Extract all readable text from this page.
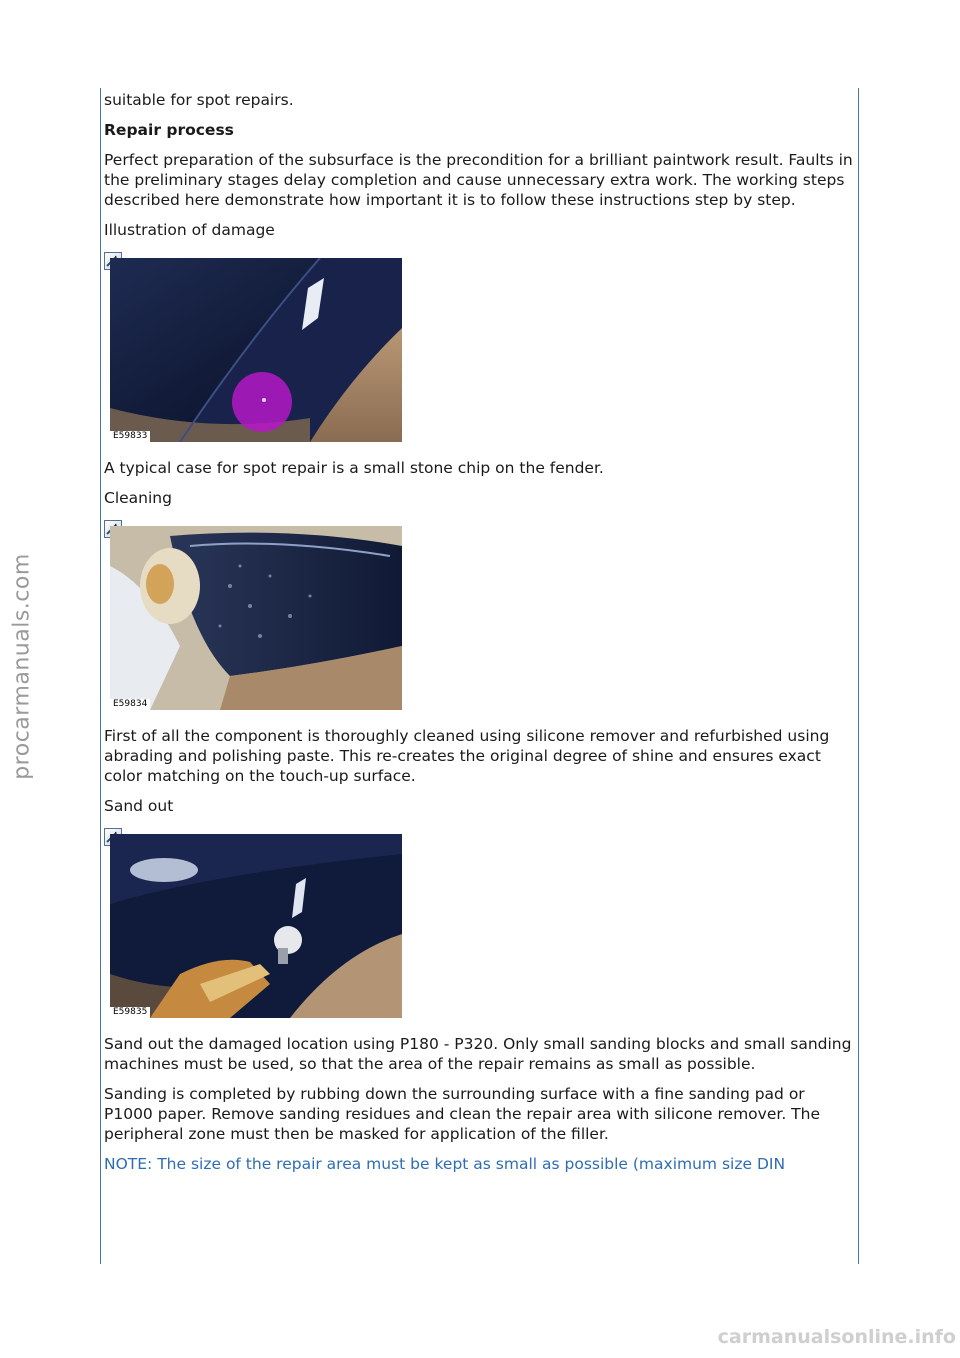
procarmanuals.com

suitable for spot repairs.

Repair process

Perfect preparation of the subsurface is the precondition for a brilliant paintwork result. Faults in the preliminary stages delay completion and cause unnecessary extra work. The working steps described here demonstrate how important it is to follow these instructions step by step.

Illustration of damage

+
E59833

A typical case for spot repair is a small stone chip on the fender.

Cleaning

+
E59834

First of all the component is thoroughly cleaned using silicone remover and refurbished using abrading and polishing paste. This re-creates the original degree of shine and ensures exact color matching on the touch-up surface.

Sand out

+
E59835

Sand out the damaged location using P180 - P320. Only small sanding blocks and small sanding machines must be used, so that the area of the repair remains as small as possible.

Sanding is completed by rubbing down the surrounding surface with a fine sanding pad or P1000 paper. Remove sanding residues and clean the repair area with silicone remover. The peripheral zone must then be masked for application of the filler.

NOTE: The size of the repair area must be kept as small as possible (maximum size DIN

carmanualsonline.info
